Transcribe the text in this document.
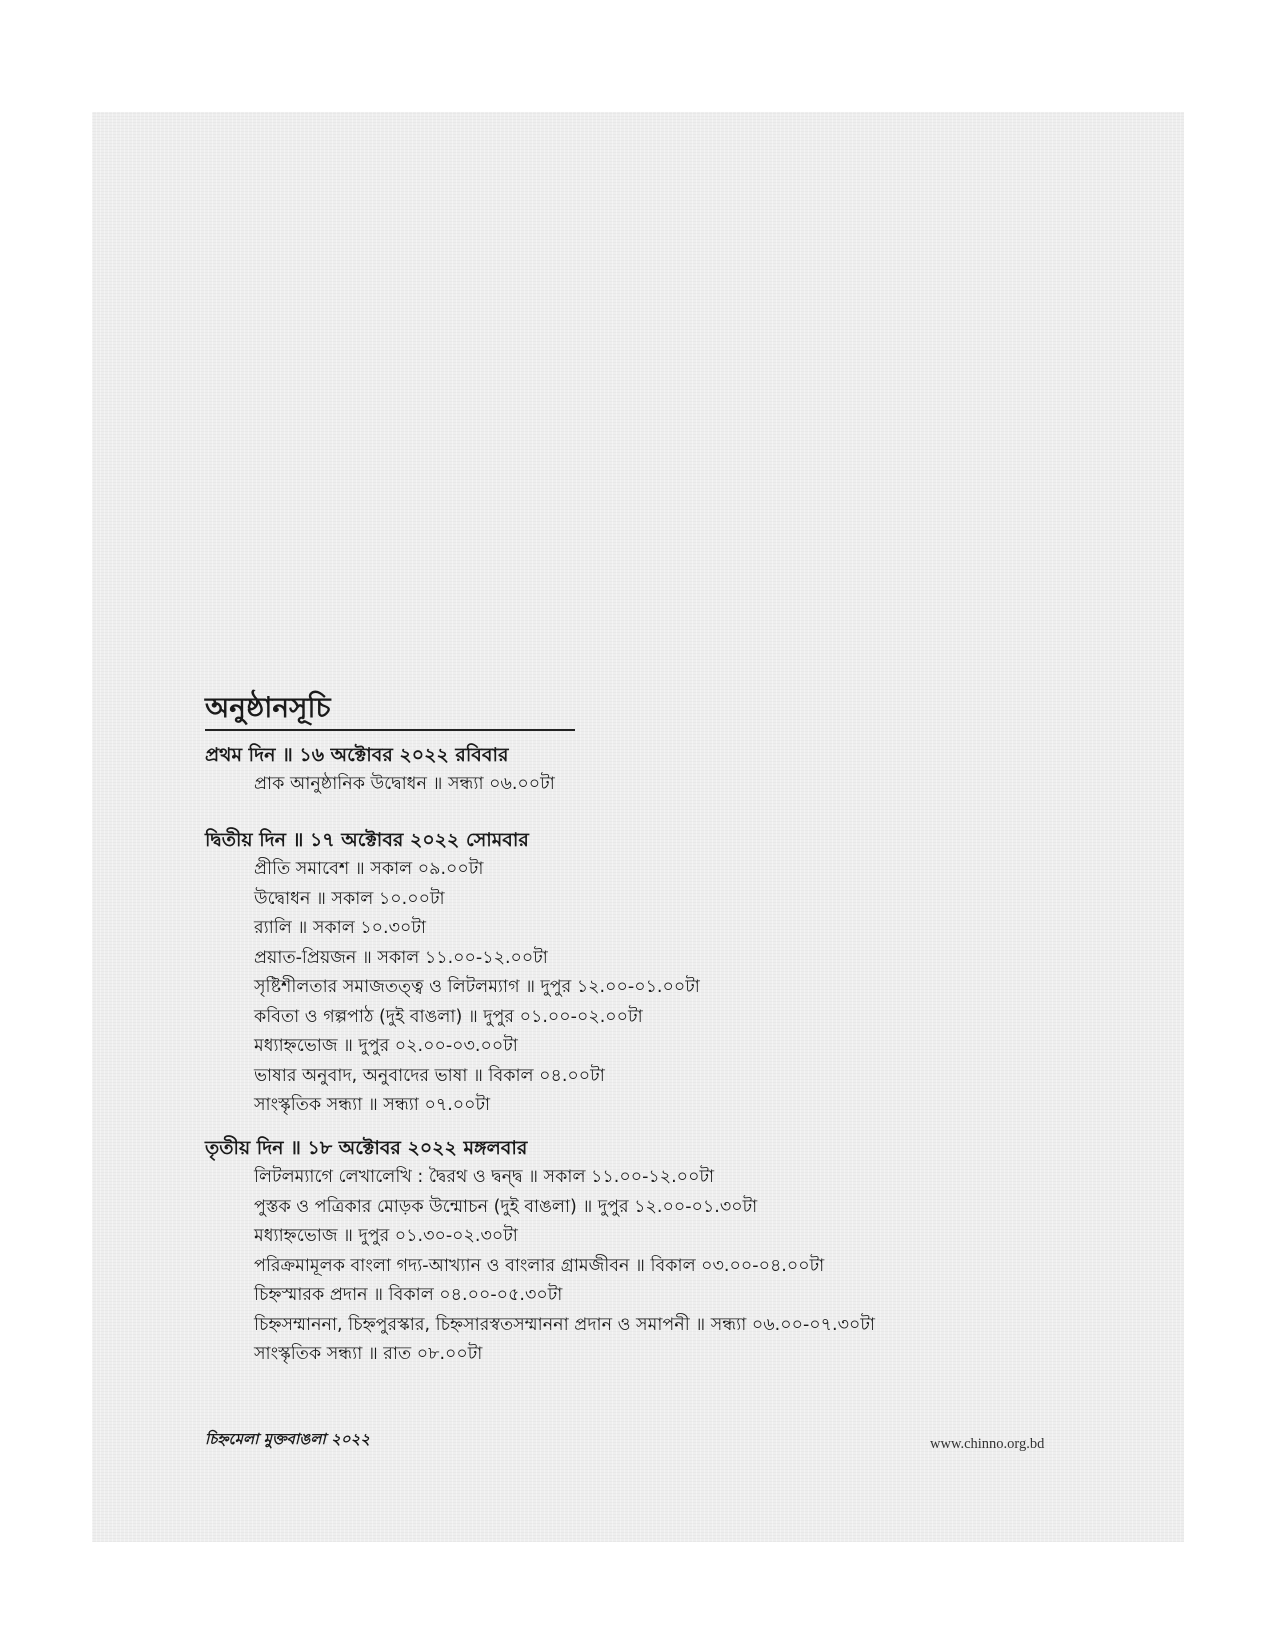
অনুষ্ঠানসূচি
প্রথম দিন ॥ ১৬ অক্টোবর ২০২২ রবিবার
প্রাক আনুষ্ঠানিক উদ্বোধন ॥ সন্ধ্যা ০৬.০০টা
দ্বিতীয় দিন ॥ ১৭ অক্টোবর ২০২২ সোমবার
প্রীতি সমাবেশ ॥ সকাল ০৯.০০টা
উদ্বোধন ॥ সকাল ১০.০০টা
র‍্যালি ॥ সকাল ১০.৩০টা
প্রয়াত-প্রিয়জন ॥ সকাল ১১.০০-১২.০০টা
সৃষ্টিশীলতার সমাজতত্ত্ব ও লিটলম্যাগ ॥ দুপুর ১২.০০-০১.০০টা
কবিতা ও গল্পপাঠ (দুই বাঙলা) ॥ দুপুর ০১.০০-০২.০০টা
মধ্যাহ্নভোজ ॥ দুপুর ০২.০০-০৩.০০টা
ভাষার অনুবাদ, অনুবাদের ভাষা ॥ বিকাল ০৪.০০টা
সাংস্কৃতিক সন্ধ্যা ॥ সন্ধ্যা ০৭.০০টা
তৃতীয় দিন ॥ ১৮ অক্টোবর ২০২২ মঙ্গলবার
লিটলম্যাগে লেখালেখি : দ্বৈরথ ও দ্বন্দ্ব ॥ সকাল ১১.০০-১২.০০টা
পুস্তক ও পত্রিকার মোড়ক উন্মোচন (দুই বাঙলা) ॥ দুপুর ১২.০০-০১.৩০টা
মধ্যাহ্নভোজ ॥ দুপুর ০১.৩০-০২.৩০টা
পরিক্রমামূলক বাংলা গদ্য-আখ্যান ও বাংলার গ্রামজীবন ॥ বিকাল ০৩.০০-০৪.০০টা
চিহ্নস্মারক প্রদান ॥ বিকাল ০৪.০০-০৫.৩০টা
চিহ্নসম্মাননা, চিহ্নপুরস্কার, চিহ্নসারস্বতসম্মাননা প্রদান ও সমাপনী ॥ সন্ধ্যা ০৬.০০-০৭.৩০টা
সাংস্কৃতিক সন্ধ্যা ॥ রাত ০৮.০০টা
চিহ্নমেলা মুক্তবাঙলা ২০২২	www.chinno.org.bd
